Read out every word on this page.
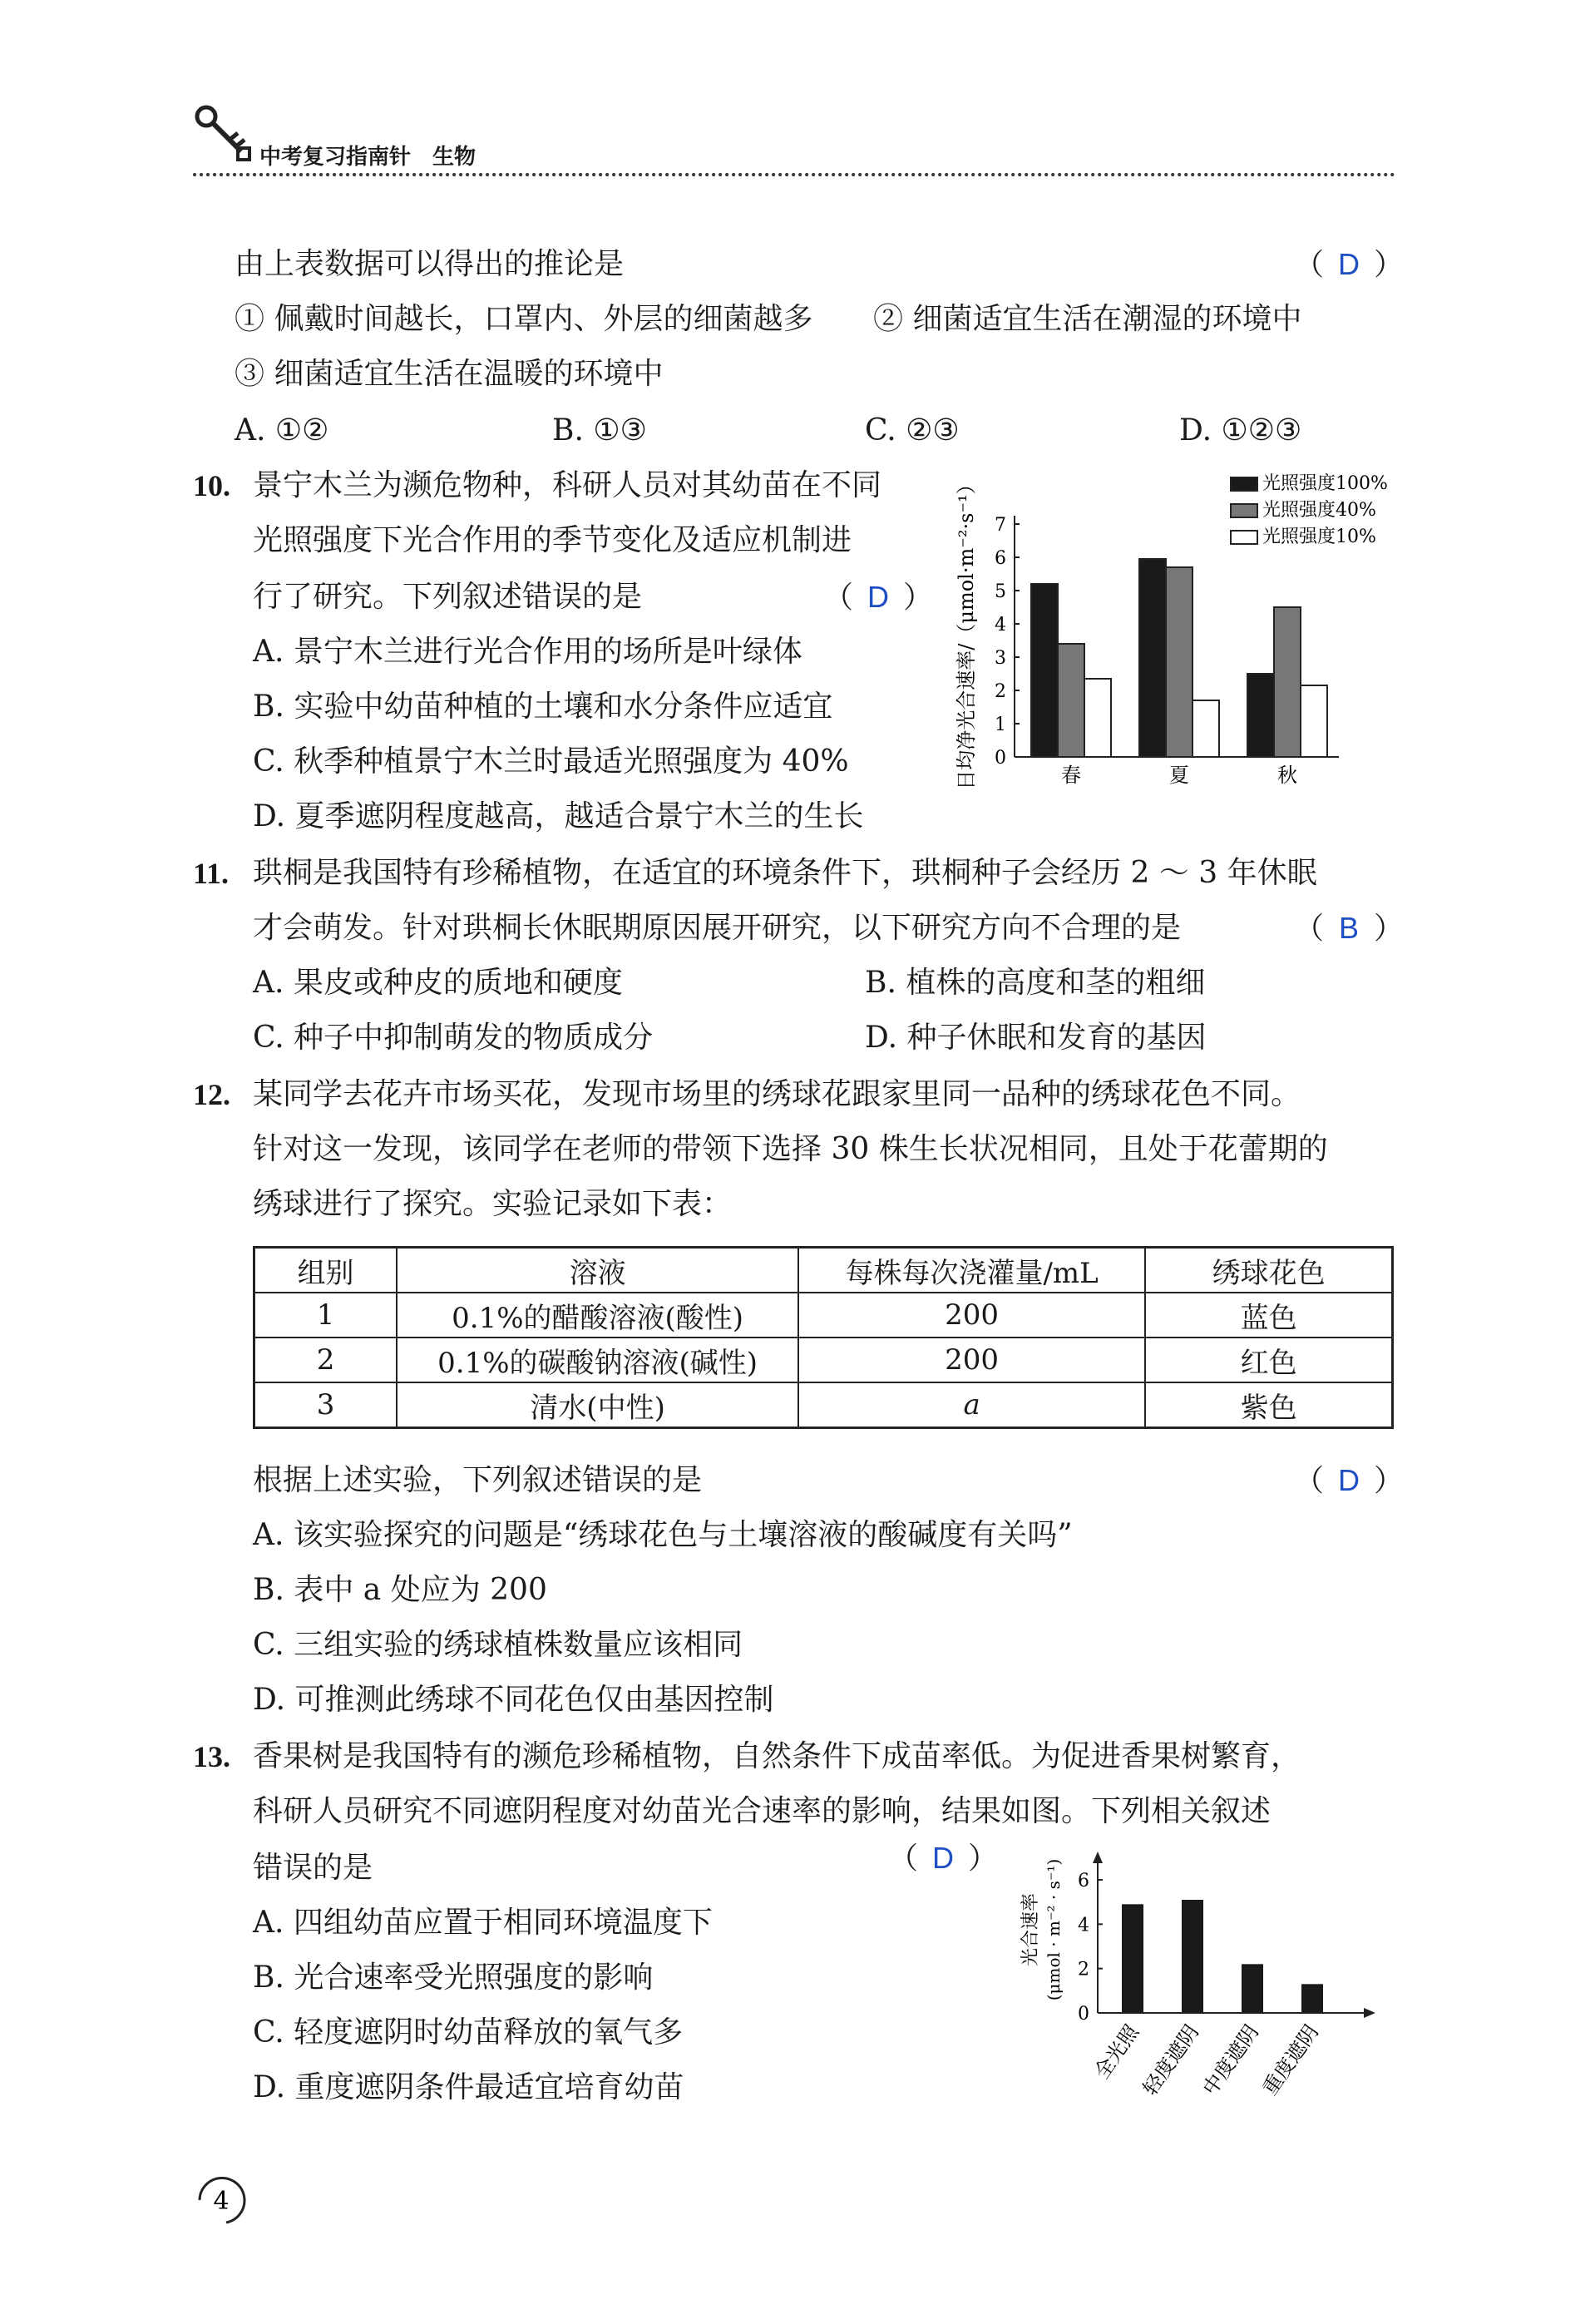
中考复习指南针　生物
由上表数据可以得出的推论是	（ D ）
① 佩戴时间越长，口罩内、外层的细菌越多 ② 细菌适宜生活在潮湿的环境中
③ 细菌适宜生活在温暖的环境中
A. ①②	B. ①③	C. ②③	D. ①②③
10. 景宁木兰为濒危物种，科研人员对其幼苗在不同
光照强度下光合作用的季节变化及适应机制进
行了研究。下列叙述错误的是	（ D ）
A. 景宁木兰进行光合作用的场所是叶绿体
B. 实验中幼苗种植的土壤和水分条件应适宜
C. 秋季种植景宁木兰时最适光照强度为 40%
D. 夏季遮阴程度越高，越适合景宁木兰的生长
日均净光合速率/（μmol·m⁻²·s⁻¹） 0
1
2
3
4
5
6
7
春	夏	秋
光照强度100%
光照强度40%
光照强度10%
11. 珙桐是我国特有珍稀植物，在适宜的环境条件下，珙桐种子会经历 2 ～ 3 年休眠
才会萌发。针对珙桐长休眠期原因展开研究，以下研究方向不合理的是	（ B ）
A. 果皮或种皮的质地和硬度	B. 植株的高度和茎的粗细
C. 种子中抑制萌发的物质成分	D. 种子休眠和发育的基因
12. 某同学去花卉市场买花，发现市场里的绣球花跟家里同一品种的绣球花色不同。
针对这一发现，该同学在老师的带领下选择 30 株生长状况相同，且处于花蕾期的
绣球进行了探究。实验记录如下表：
组别	溶液	每株每次浇灌量/mL	绣球花色
1	0.1%的醋酸溶液(酸性)	200	蓝色
2	0.1%的碳酸钠溶液(碱性)	200	红色
3	清水(中性)	a	紫色
根据上述实验，下列叙述错误的是	（ D ）
A. 该实验探究的问题是“绣球花色与土壤溶液的酸碱度有关吗”
B. 表中 a 处应为 200
C. 三组实验的绣球植株数量应该相同
D. 可推测此绣球不同花色仅由基因控制
13. 香果树是我国特有的濒危珍稀植物，自然条件下成苗率低。为促进香果树繁育，
科研人员研究不同遮阴程度对幼苗光合速率的影响，结果如图。下列相关叙述
错误的是	（ D ）
A. 四组幼苗应置于相同环境温度下
B. 光合速率受光照强度的影响
C. 轻度遮阴时幼苗释放的氧气多
D. 重度遮阴条件最适宜培育幼苗
光合速率 (μmol · m⁻² · s⁻¹)
0
2
4
6
全光照
轻度遮阴
中度遮阴
重度遮阴
4
